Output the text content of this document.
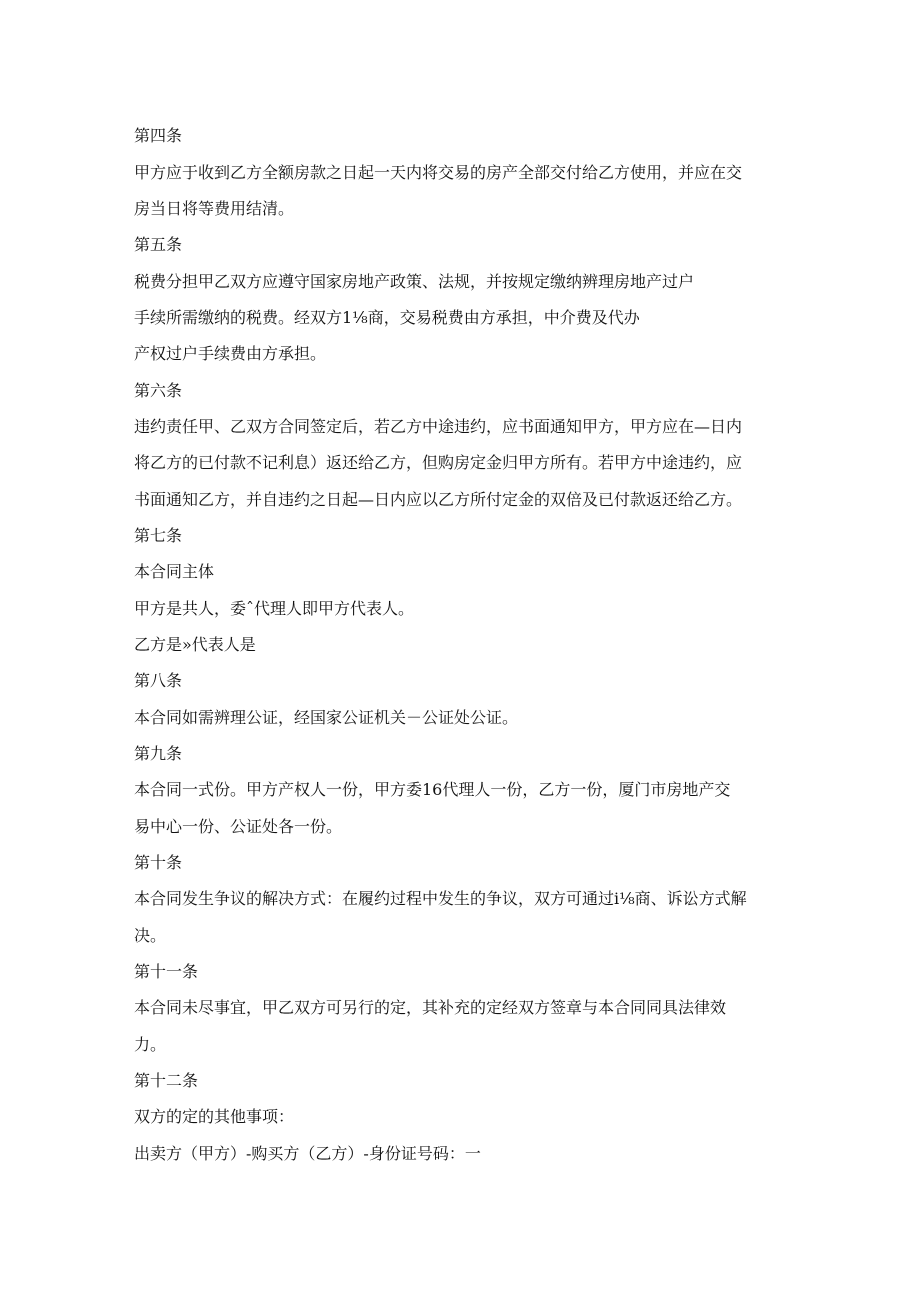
第四条

甲方应于收到乙方全额房款之日起一天内将交易的房产全部交付给乙方使用，并应在交

房当日将等费用结清。

第五条

税费分担甲乙双方应遵守国家房地产政策、法规，并按规定缴纳辨理房地产过户

手续所需缴纳的税费。经双方1⅛商，交易税费由方承担，中介费及代办

产权过户手续费由方承担。

第六条

违约责任甲、乙双方合同签定后，若乙方中途违约，应书面通知甲方，甲方应在—日内

将乙方的已付款不记利息）返还给乙方，但购房定金归甲方所有。若甲方中途违约，应

书面通知乙方，并自违约之日起—日内应以乙方所付定金的双倍及已付款返还给乙方。

第七条

本合同主体

甲方是共人，委ˆ代理人即甲方代表人。

乙方是»代表人是

第八条

本合同如需辨理公证，经国家公证机关－公证处公证。

第九条

本合同一式份。甲方产权人一份，甲方委16代理人一份，乙方一份，厦门市房地产交

易中心一份、公证处各一份。

第十条

本合同发生争议的解决方式：在履约过程中发生的争议，双方可通过i⅛商、诉讼方式解

决。

第十一条

本合同未尽事宜，甲乙双方可另行的定，其补充的定经双方签章与本合同同具法律效

力。

第十二条

双方的定的其他事项：

出卖方（甲方）-购买方（乙方）-身份证号码：一
